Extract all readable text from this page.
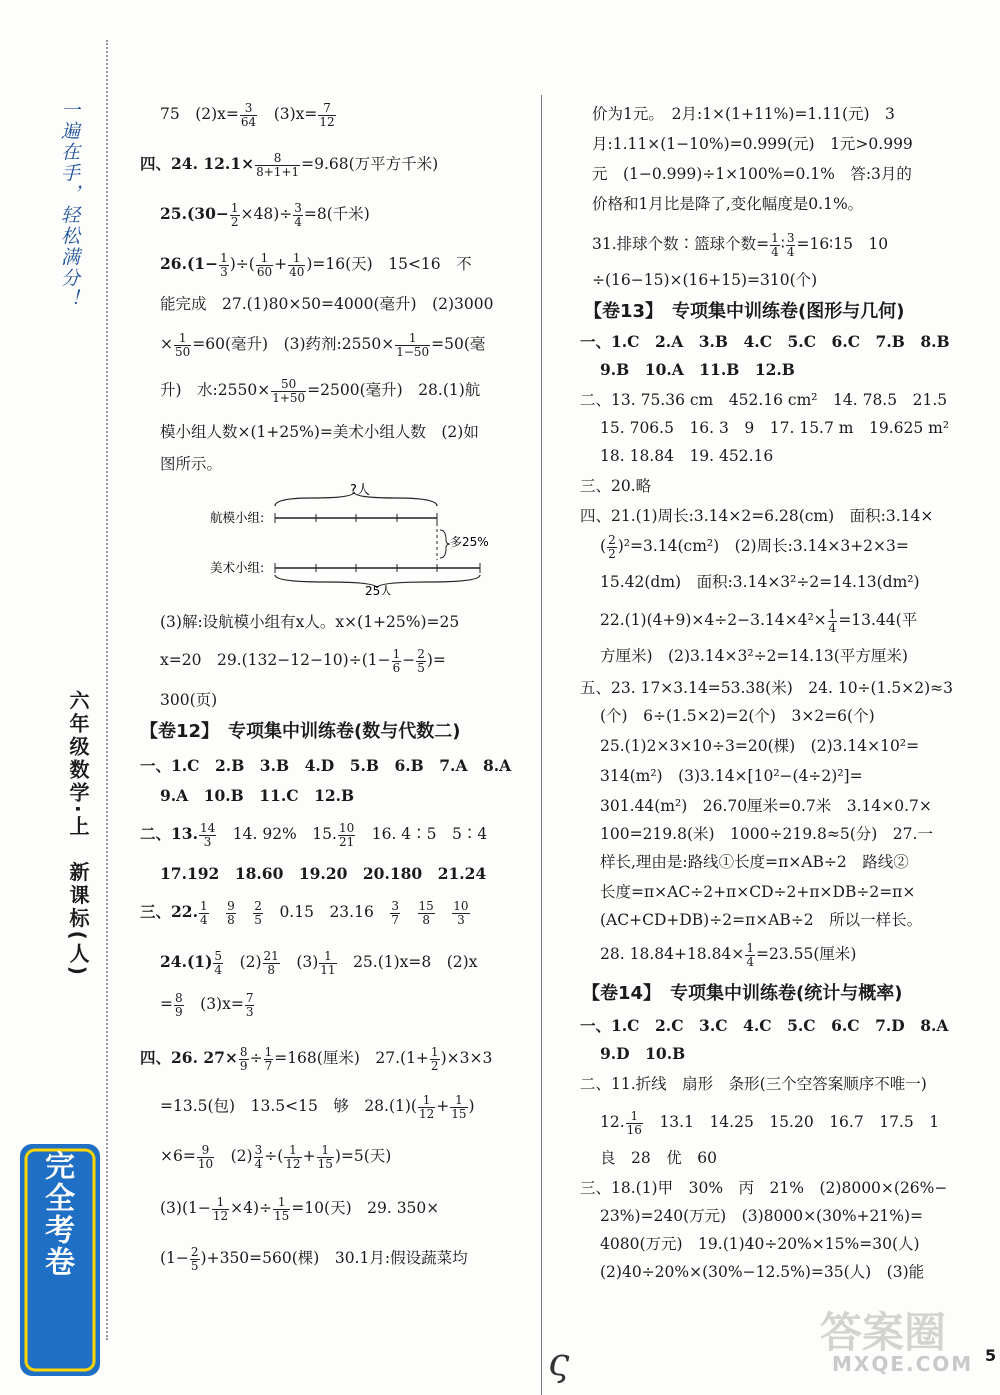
一遍在手，轻松满分！
六年级数学·上　新课标(人)
完全考卷
75　$(2)x= \frac{3}{64}$ 　$(3)x= \frac{7}{12}$
四、24. $12.1\times \frac{8}{8+1+1} =9.68$(万平方千米)
$25.(30- \frac{1}{2} \times 48)\div \frac{3}{4} =8$(千米)
$26.(1- \frac{1}{3}$ )÷( $\frac{1}{60} + \frac{1}{40} )=16$(天)　15<16　不
能完成　27.(1)80×50=4000(毫升)　(2)3000
× $\frac{1}{50} =60$(毫升)　(3)药剂:2550× $\frac{1}{1-50} =50$(毫
升)　水:2550× $\frac{50}{1+50} =2500$(毫升)　28.(1)航
模小组人数×(1+25%)=美术小组人数　(2)如
图所示。
?人
航模小组:
多25%
美术小组:
25人
(3)解:设航模小组有x人。x×(1+25%)=25
x=20　$29.(132-12-10)\div(1- \frac{1}{6} - \frac{2}{5}$ )=
300(页)
【卷12】　专项集中训练卷(数与代数二)
一、1.C　2.B　3.B　4.D　5.B　6.B　7.A　8.A
9.A　10.B　11.C　12.B
二、13. $\frac{14}{3}$ 　14. 92%　15. $\frac{10}{21}$ 　16. 4∶5　5∶4
17.192　18.60　19.20　20.180　21.24
三、22. $\frac{1}{4}$
　 $\frac{9}{8}$
　 $\frac{2}{5}$
　 0.15　23.16　 $\frac{3}{7}$
　 $\frac{15}{8}$
　 $\frac{10}{3}$
$24.(1) \frac{5}{4}$ 　$(2) \frac{21}{8}$ 　$(3) \frac{1}{11}$ 　25.(1)x=8　(2)x
= $\frac{8}{9}$ 　$(3)x= \frac{7}{3}$
四、26. $27\times \frac{8}{9} \div \frac{1}{7} =168$(厘米)　$27.(1+ \frac{1}{2} )\times 3\times 3$
=13.5(包)　13.5<15　够　$28.(1)( \frac{1}{12} + \frac{1}{15}$ )
$\times 6= \frac{9}{10}$ 　$(2) \frac{3}{4}$ ÷( $\frac{1}{12} + \frac{1}{15} )=5$(天)
$(3)(1- \frac{1}{12} \times 4)\div \frac{1}{15} =10$(天)　29. 350×
$(1- \frac{2}{5} )+350=560$(棵)　30.1月:假设蔬菜均
价为1元。　2月:1×(1+11%)=1.11(元)　3
月:1.11×(1−10%)=0.999(元)　1元>0.999
元　(1−0.999)÷1×100%=0.1%　答:3月的
价格和1月比是降了,变化幅度是0.1%。
31.排球个数∶篮球个数= $\frac{1}{4}$ ∶ $\frac{3}{4}$ =16∶15　10
÷(16−15)×(16+15)=310(个)
【卷13】　专项集中训练卷(图形与几何)
一、1.C　2.A　3.B　4.C　5.C　6.C　7.B　8.B
9.B　10.A　11.B　12.B
二、13. 75.36 cm　452.16 cm²　14. 78.5　21.5
15. 706.5　16. 3　9　17. 15.7 m　19.625 m²
18. 18.84　19. 452.16
三、20.略
四、21.(1)周长:3.14×2=6.28(cm)　面积:3.14×
( $\frac{2}{2} )^2=3.14(cm^2)$　(2)周长:3.14×3+2×3=
15.42(dm)　面积:3.14×3²÷2=14.13(dm²)
$22.(1)(4+9)\times 4\div 2-3.14\times 4^2\times \frac{1}{4} =13.44$(平
方厘米)　(2)3.14×3²÷2=14.13(平方厘米)
五、23. 17×3.14=53.38(米)　24. 10÷(1.5×2)≈3
(个)　6÷(1.5×2)=2(个)　3×2=6(个)
25.(1)2×3×10÷3=20(棵)　(2)3.14×10²=
314(m²)　(3)3.14×[10²−(4÷2)²]=
301.44(m²)　26.70厘米=0.7米　3.14×0.7×
100=219.8(米)　1000÷219.8≈5(分)　27.一
样长,理由是:路线①长度=π×AB÷2　路线②
长度=π×AC÷2+π×CD÷2+π×DB÷2=π×
(AC+CD+DB)÷2=π×AB÷2　所以一样长。
28. $18.84+18.84\times \frac{1}{4} =23.55$(厘米)
【卷14】　专项集中训练卷(统计与概率)
一、1.C　2.C　3.C　4.C　5.C　6.C　7.D　8.A
9.D　10.B
二、11.折线　扇形　条形(三个空答案顺序不唯一)
12. $\frac{1}{16}$ 　13.1　14.25　15.20　16.7　17.5　1
良　28　优　60
三、18.(1)甲　30%　丙　21%　(2)8000×(26%−
23%)=240(万元)　(3)8000×(30%+21%)=
4080(万元)　19.(1)40÷20%×15%=30(人)
(2)40÷20%×(30%−12.5%)=35(人)　(3)能
ς
答案圈
MXQE.COM 5
